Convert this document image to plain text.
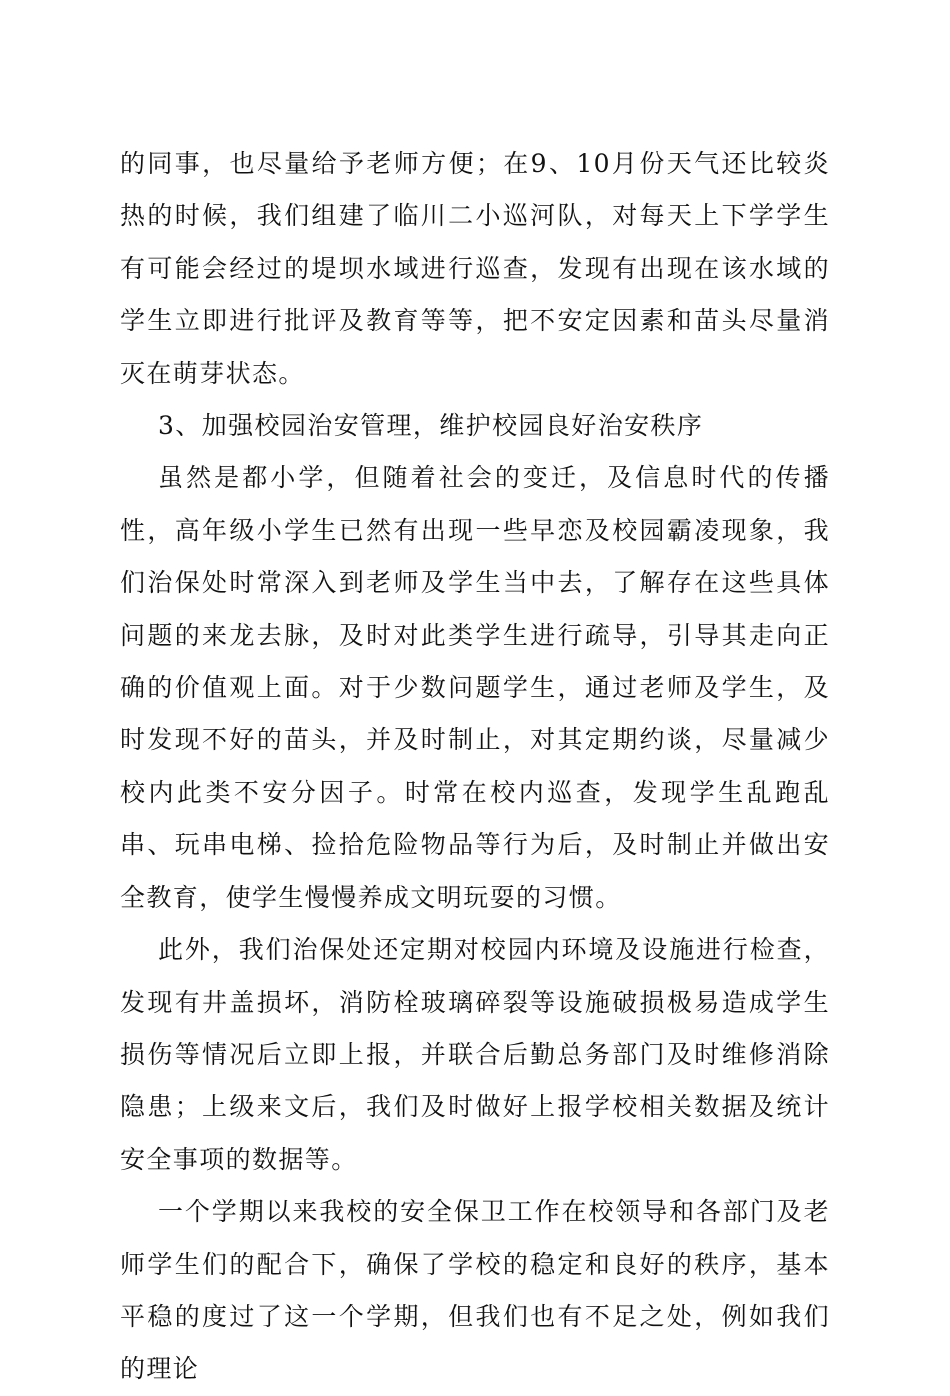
的同事，也尽量给予老师方便；在9、10月份天气还比较炎热的时候，我们组建了临川二小巡河队，对每天上下学学生有可能会经过的堤坝水域进行巡查，发现有出现在该水域的学生立即进行批评及教育等等，把不安定因素和苗头尽量消灭在萌芽状态。

3、加强校园治安管理，维护校园良好治安秩序

虽然是都小学，但随着社会的变迁，及信息时代的传播性，高年级小学生已然有出现一些早恋及校园霸凌现象，我们治保处时常深入到老师及学生当中去，了解存在这些具体问题的来龙去脉，及时对此类学生进行疏导，引导其走向正确的价值观上面。对于少数问题学生，通过老师及学生，及时发现不好的苗头，并及时制止，对其定期约谈，尽量减少校内此类不安分因子。时常在校内巡查，发现学生乱跑乱串、玩串电梯、捡拾危险物品等行为后，及时制止并做出安全教育，使学生慢慢养成文明玩耍的习惯。

此外，我们治保处还定期对校园内环境及设施进行检查，发现有井盖损坏，消防栓玻璃碎裂等设施破损极易造成学生损伤等情况后立即上报，并联合后勤总务部门及时维修消除隐患；上级来文后，我们及时做好上报学校相关数据及统计安全事项的数据等。

一个学期以来我校的安全保卫工作在校领导和各部门及老师学生们的配合下，确保了学校的稳定和良好的秩序，基本平稳的度过了这一个学期，但我们也有不足之处，例如我们的理论
